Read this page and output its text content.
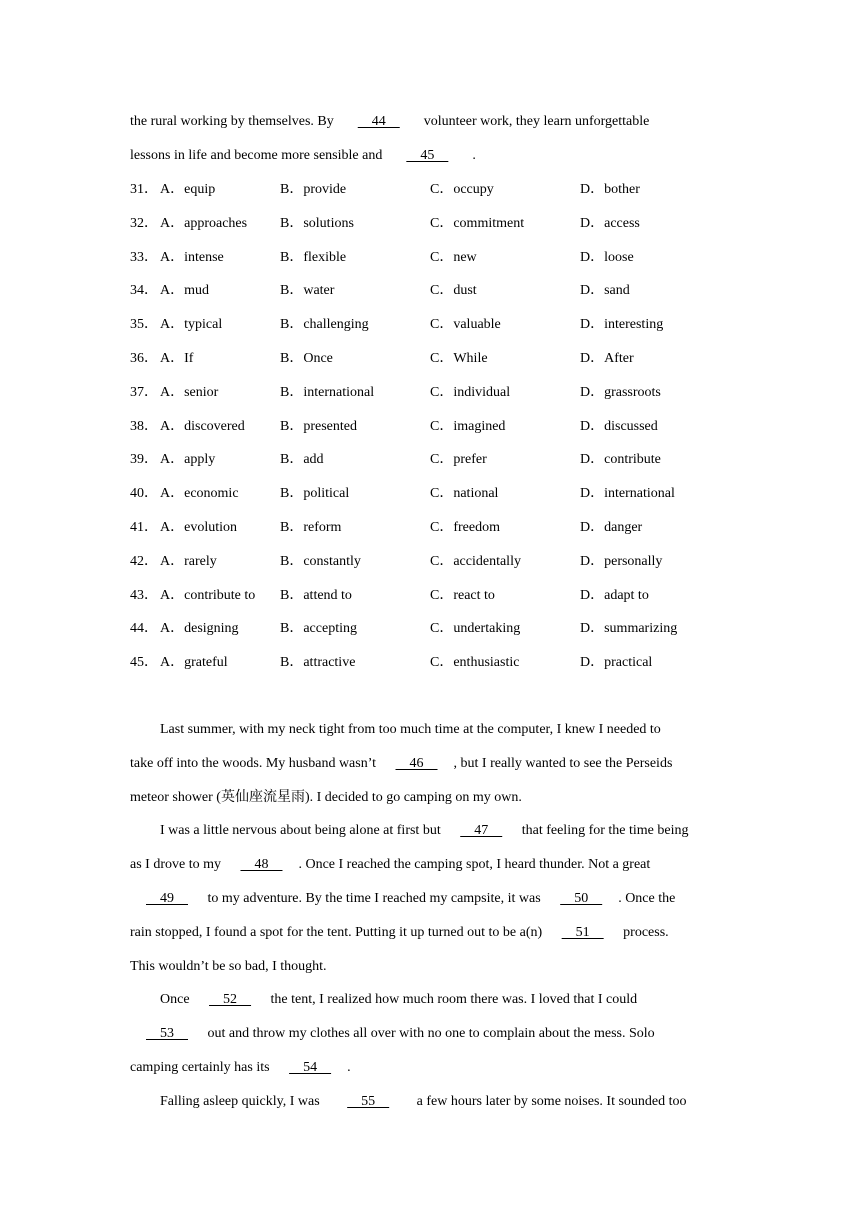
the rural working by themselves. By    44    volunteer work, they learn unforgettable
lessons in life and become more sensible and    45    .
31． A．equip	B．provide	C．occupy	D．bother
32． A．approaches B．solutions	C．commitment	D．access
33． A．intense	B．flexible	C．new	D．loose
34． A．mud	B．water	C．dust	D．sand
35． A．typical	B．challenging	C．valuable	D．interesting
36． A．If	B．Once	C．While	D．After
37． A．senior	B．international	C．individual	D．grassroots
38． A．discovered	B．presented	C．imagined	D．discussed
39． A．apply	B．add	C．prefer	D．contribute
40． A．economic	B．political	C．national	D．international
41． A．evolution	B．reform	C．freedom	D．danger
42． A．rarely	B．constantly	C．accidentally	D．personally
43． A．contribute to B．attend to	C．react to	D．adapt to
44． A．designing	B．accepting	C．undertaking	D．summarizing
45． A．grateful	B．attractive	C．enthusiastic	D．practical
Last summer, with my neck tight from too much time at the computer, I knew I needed to
take off into the woods. My husband wasn’t     46    , but I really wanted to see the Perseids
meteor shower (英仙座流星雨). I decided to go camping on my own.
I was a little nervous about being alone at first but     47     that feeling for the time being
as I drove to my     48    . Once I reached the camping spot, I heard thunder. Not a great
49     to my adventure. By the time I reached my campsite, it was     50    . Once the
rain stopped, I found a spot for the tent. Putting it up turned out to be a(n)     51     process.
This wouldn’t be so bad, I thought.
Once     52     the tent, I realized how much room there was. I loved that I could
53     out and throw my clothes all over with no one to complain about the mess. Solo
camping certainly has its     54    .
Falling asleep quickly, I was     55     a few hours later by some noises. It sounded too
